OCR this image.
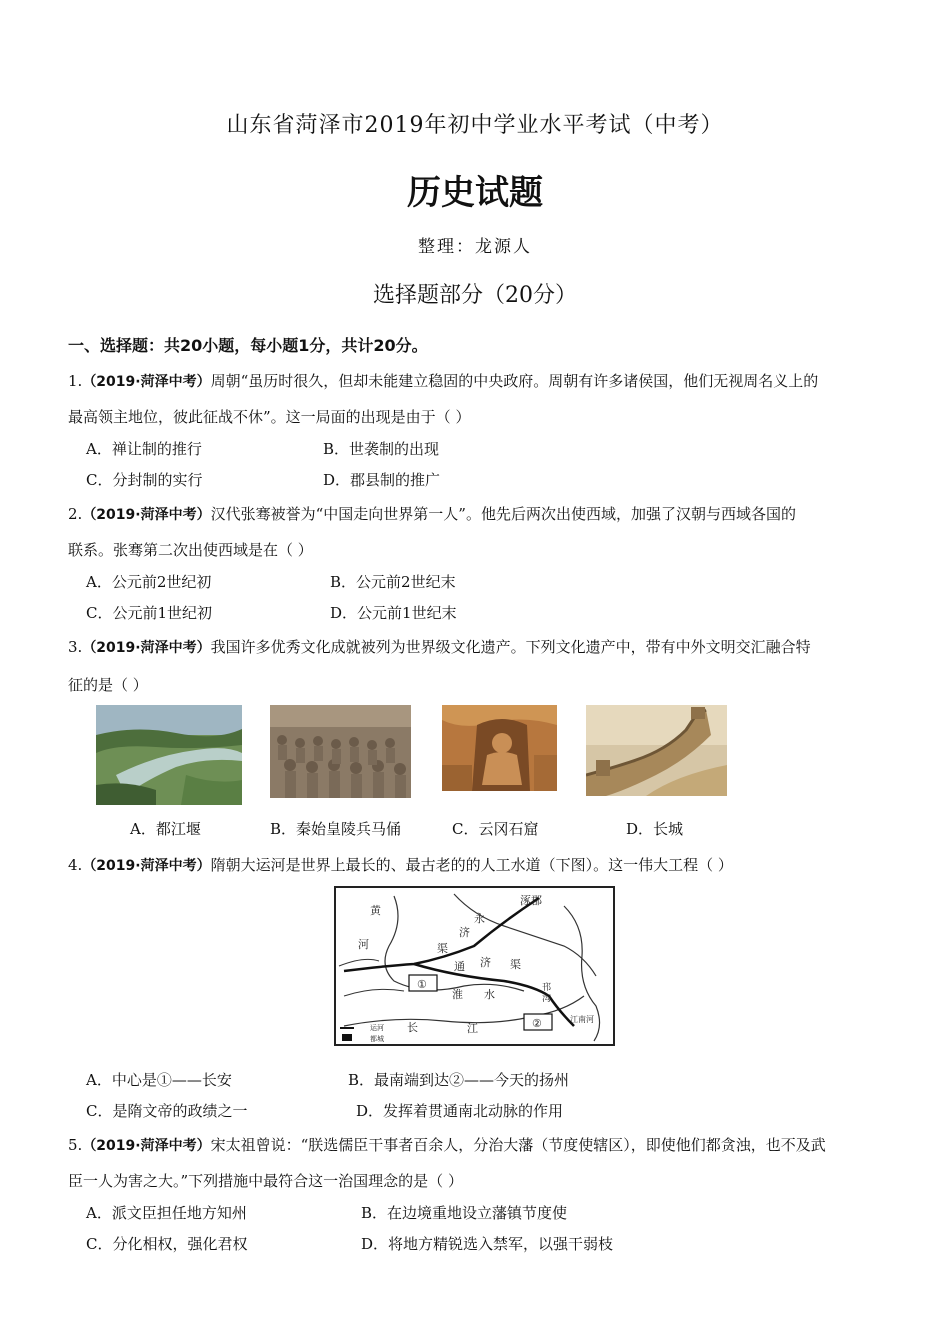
山东省菏泽市2019年初中学业水平考试（中考）
历史试题
整理：龙源人
选择题部分（20分）
一、选择题：共20小题，每小题1分，共计20分。
1.（2019·菏泽中考）周朝“虽历时很久，但却未能建立稳固的中央政府。周朝有许多诸侯国，他们无视周名义上的
最高领主地位，彼此征战不休”。这一局面的出现是由于（ ）
A．禅让制的推行	B．世袭制的出现
C．分封制的实行	D．郡县制的推广
2.（2019·菏泽中考）汉代张骞被誉为“中国走向世界第一人”。他先后两次出使西域，加强了汉朝与西域各国的
联系。张骞第二次出使西域是在（ ）
A．公元前2世纪初	B．公元前2世纪末
C．公元前1世纪初	D．公元前1世纪末
3.（2019·菏泽中考）我国许多优秀文化成就被列为世界级文化遗产。下列文化遗产中，带有中外文明交汇融合特
征的是（ ）
A．都江堰	B．秦始皇陵兵马俑	C．云冈石窟	D．长城
4.（2019·菏泽中考）隋朝大运河是世界上最长的、最古老的的人工水道（下图）。这一伟大工程（ ）
①
②
黄
河
涿郡
永
济
渠
通 济 渠
淮 水
长	江
邗
沟
江南河
运河
都城
A．中心是①——长安	B．最南端到达②——今天的扬州
C．是隋文帝的政绩之一	D．发挥着贯通南北动脉的作用
5.（2019·菏泽中考）宋太祖曾说：“朕选儒臣干事者百余人，分治大藩（节度使辖区），即使他们都贪浊，也不及武
臣一人为害之大。”下列措施中最符合这一治国理念的是（ ）
A．派文臣担任地方知州	B．在边境重地设立藩镇节度使
C．分化相权，强化君权	D．将地方精锐选入禁军，以强干弱枝
